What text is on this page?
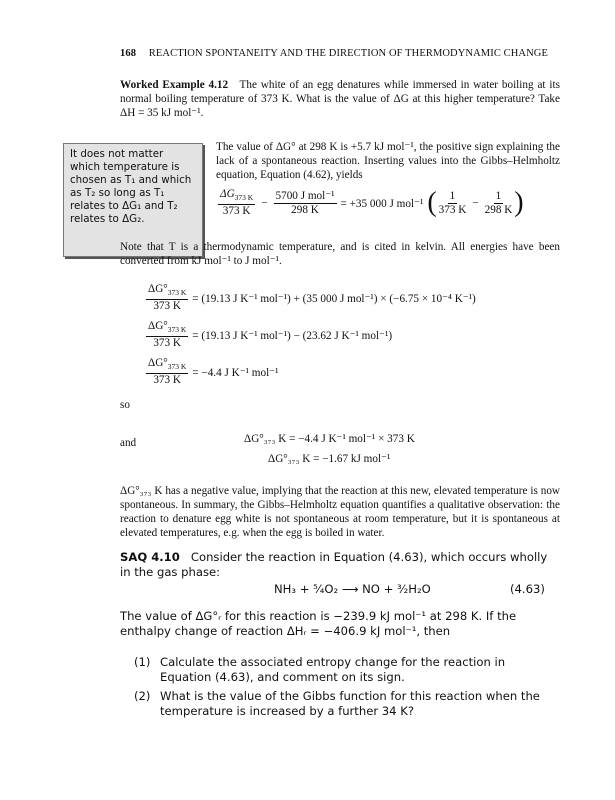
168 REACTION SPONTANEITY AND THE DIRECTION OF THERMODYNAMIC CHANGE
Worked Example 4.12 The white of an egg denatures while immersed in water boiling at its normal boiling temperature of 373 K. What is the value of ΔG at this higher temperature? Take ΔH = 35 kJ mol⁻¹.
It does not matter which temperature is chosen as T₁ and which as T₂ so long as T₁ relates to ΔG₁ and T₂ relates to ΔG₂.
The value of ΔG° at 298 K is +5.7 kJ mol⁻¹, the positive sign explaining the lack of a spontaneous reaction. Inserting values into the Gibbs–Helmholtz equation, Equation (4.62), yields
$\frac{\Delta G_{373 K}}{373 K} - \frac{\text{5700 J mol⁻¹}}{298 K} = +35$ 000 J mol⁻¹ ( $\frac{1}{373 K} - \frac{1}{298 K}$ )
Note that T is a thermodynamic temperature, and is cited in kelvin. All energies have been converted from kJ mol⁻¹ to J mol⁻¹.
$\frac{\Delta G^\circ_{373 K}}{373 K} = (19.13$ J K⁻¹ mol⁻¹) + (35 000 J mol⁻¹) × (−6.75 × 10⁻⁴ K⁻¹)
$\frac{\Delta G^\circ_{373 K}}{373 K} = (19.13$ J K⁻¹ mol⁻¹) − (23.62 J K⁻¹ mol⁻¹)
$\frac{\Delta G^\circ_{373 K}}{373 K} = -4.4$ J K⁻¹ mol⁻¹
so
ΔG°₃₇₃ K = −4.4 J K⁻¹ mol⁻¹ × 373 K
and
ΔG°₃₇₃ K = −1.67 kJ mol⁻¹
ΔG°₃₇₃ K has a negative value, implying that the reaction at this new, elevated temperature is now spontaneous. In summary, the Gibbs–Helmholtz equation quantifies a qualitative observation: the reaction to denature egg white is not spontaneous at room temperature, but it is spontaneous at elevated temperatures, e.g. when the egg is boiled in water.
SAQ 4.10 Consider the reaction in Equation (4.63), which occurs wholly in the gas phase:
NH₃ + ⁵⁄₄O₂ ⟶ NO + ³⁄₂H₂O	(4.63)
The value of ΔG°ᵣ for this reaction is −239.9 kJ mol⁻¹ at 298 K. If the enthalpy change of reaction ΔHᵣ = −406.9 kJ mol⁻¹, then
(1) Calculate the associated entropy change for the reaction in Equation (4.63), and comment on its sign.
(2) What is the value of the Gibbs function for this reaction when the temperature is increased by a further 34 K?
